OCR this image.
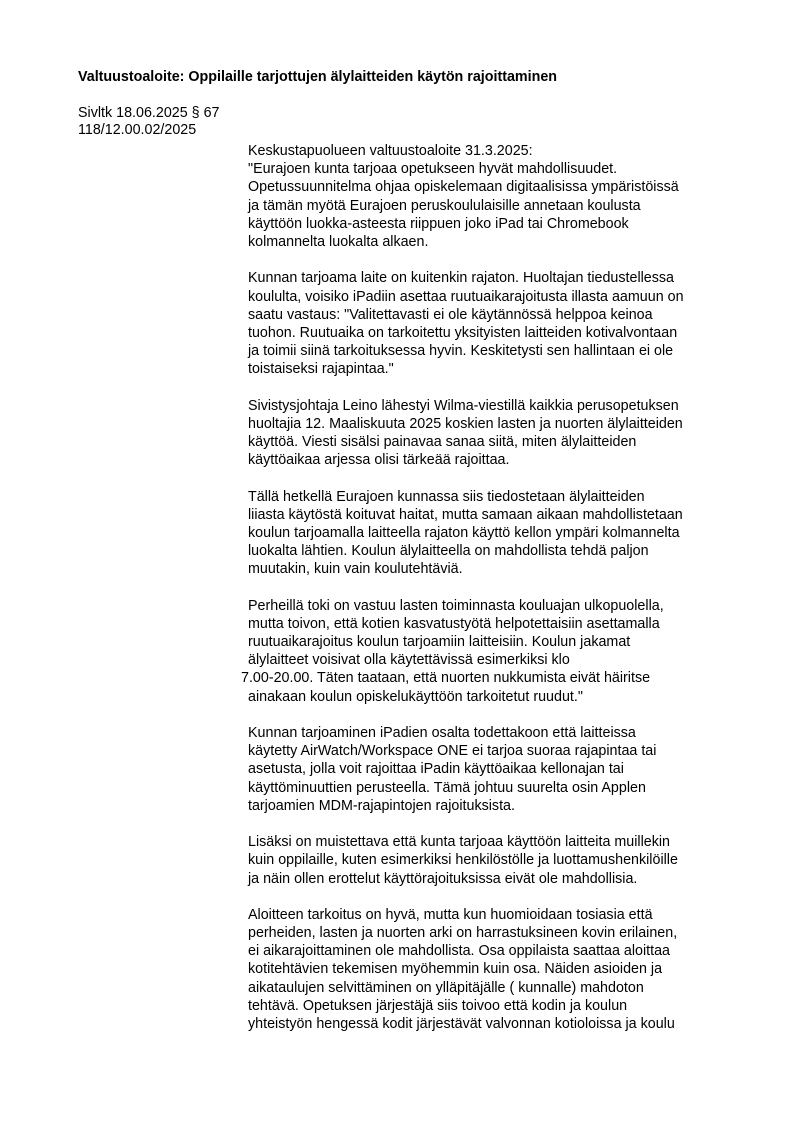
Valtuustoaloite: Oppilaille tarjottujen älylaitteiden käytön rajoittaminen
Sivltk 18.06.2025 § 67
118/12.00.02/2025
Keskustapuolueen valtuustoaloite 31.3.2025:
"Eurajoen kunta tarjoaa opetukseen hyvät mahdollisuudet.
Opetussuunnitelma ohjaa opiskelemaan digitaalisissa ympäristöissä
ja tämän myötä Eurajoen peruskoululaisille annetaan koulusta
käyttöön luokka-asteesta riippuen joko iPad tai Chromebook
kolmannelta luokalta alkaen.
Kunnan tarjoama laite on kuitenkin rajaton. Huoltajan tiedustellessa
koululta, voisiko iPadiin asettaa ruutuaikarajoitusta illasta aamuun on
saatu vastaus: "Valitettavasti ei ole käytännössä helppoa keinoa
tuohon. Ruutuaika on tarkoitettu yksityisten laitteiden kotivalvontaan
ja toimii siinä tarkoituksessa hyvin. Keskitetysti sen hallintaan ei ole
toistaiseksi rajapintaa."
Sivistysjohtaja Leino lähestyi Wilma-viestillä kaikkia perusopetuksen
huoltajia 12. Maaliskuuta 2025 koskien lasten ja nuorten älylaitteiden
käyttöä. Viesti sisälsi painavaa sanaa siitä, miten älylaitteiden
käyttöaikaa arjessa olisi tärkeää rajoittaa.
Tällä hetkellä Eurajoen kunnassa siis tiedostetaan älylaitteiden
liiasta käytöstä koituvat haitat, mutta samaan aikaan mahdollistetaan
koulun tarjoamalla laitteella rajaton käyttö kellon ympäri kolmannelta
luokalta lähtien. Koulun älylaitteella on mahdollista tehdä paljon
muutakin, kuin vain koulutehtäviä.
Perheillä toki on vastuu lasten toiminnasta kouluajan ulkopuolella,
mutta toivon, että kotien kasvatustyötä helpotettaisiin asettamalla
ruutuaikarajoitus koulun tarjoamiin laitteisiin. Koulun jakamat
älylaitteet voisivat olla käytettävissä esimerkiksi klo
7.00-20.00. Täten taataan, että nuorten nukkumista eivät häiritse
ainakaan koulun opiskelukäyttöön tarkoitetut ruudut."
Kunnan tarjoaminen iPadien osalta todettakoon että laitteissa
käytetty AirWatch/Workspace ONE ei tarjoa suoraa rajapintaa tai
asetusta, jolla voit rajoittaa iPadin käyttöaikaa kellonajan tai
käyttöminuuttien perusteella. Tämä johtuu suurelta osin Applen
tarjoamien MDM-rajapintojen rajoituksista.
Lisäksi on muistettava että kunta tarjoaa käyttöön laitteita muillekin
kuin oppilaille, kuten esimerkiksi henkilöstölle ja luottamushenkilöille
ja näin ollen erottelut käyttörajoituksissa eivät ole mahdollisia.
Aloitteen tarkoitus on hyvä, mutta kun huomioidaan tosiasia että
perheiden, lasten ja nuorten arki on harrastuksineen kovin erilainen,
ei aikarajoittaminen ole mahdollista. Osa oppilaista saattaa aloittaa
kotitehtävien tekemisen myöhemmin kuin osa. Näiden asioiden ja
aikataulujen selvittäminen on ylläpitäjälle ( kunnalle) mahdoton
tehtävä. Opetuksen järjestäjä siis toivoo että kodin ja koulun
yhteistyön hengessä kodit järjestävät valvonnan kotioloissa ja koulu
